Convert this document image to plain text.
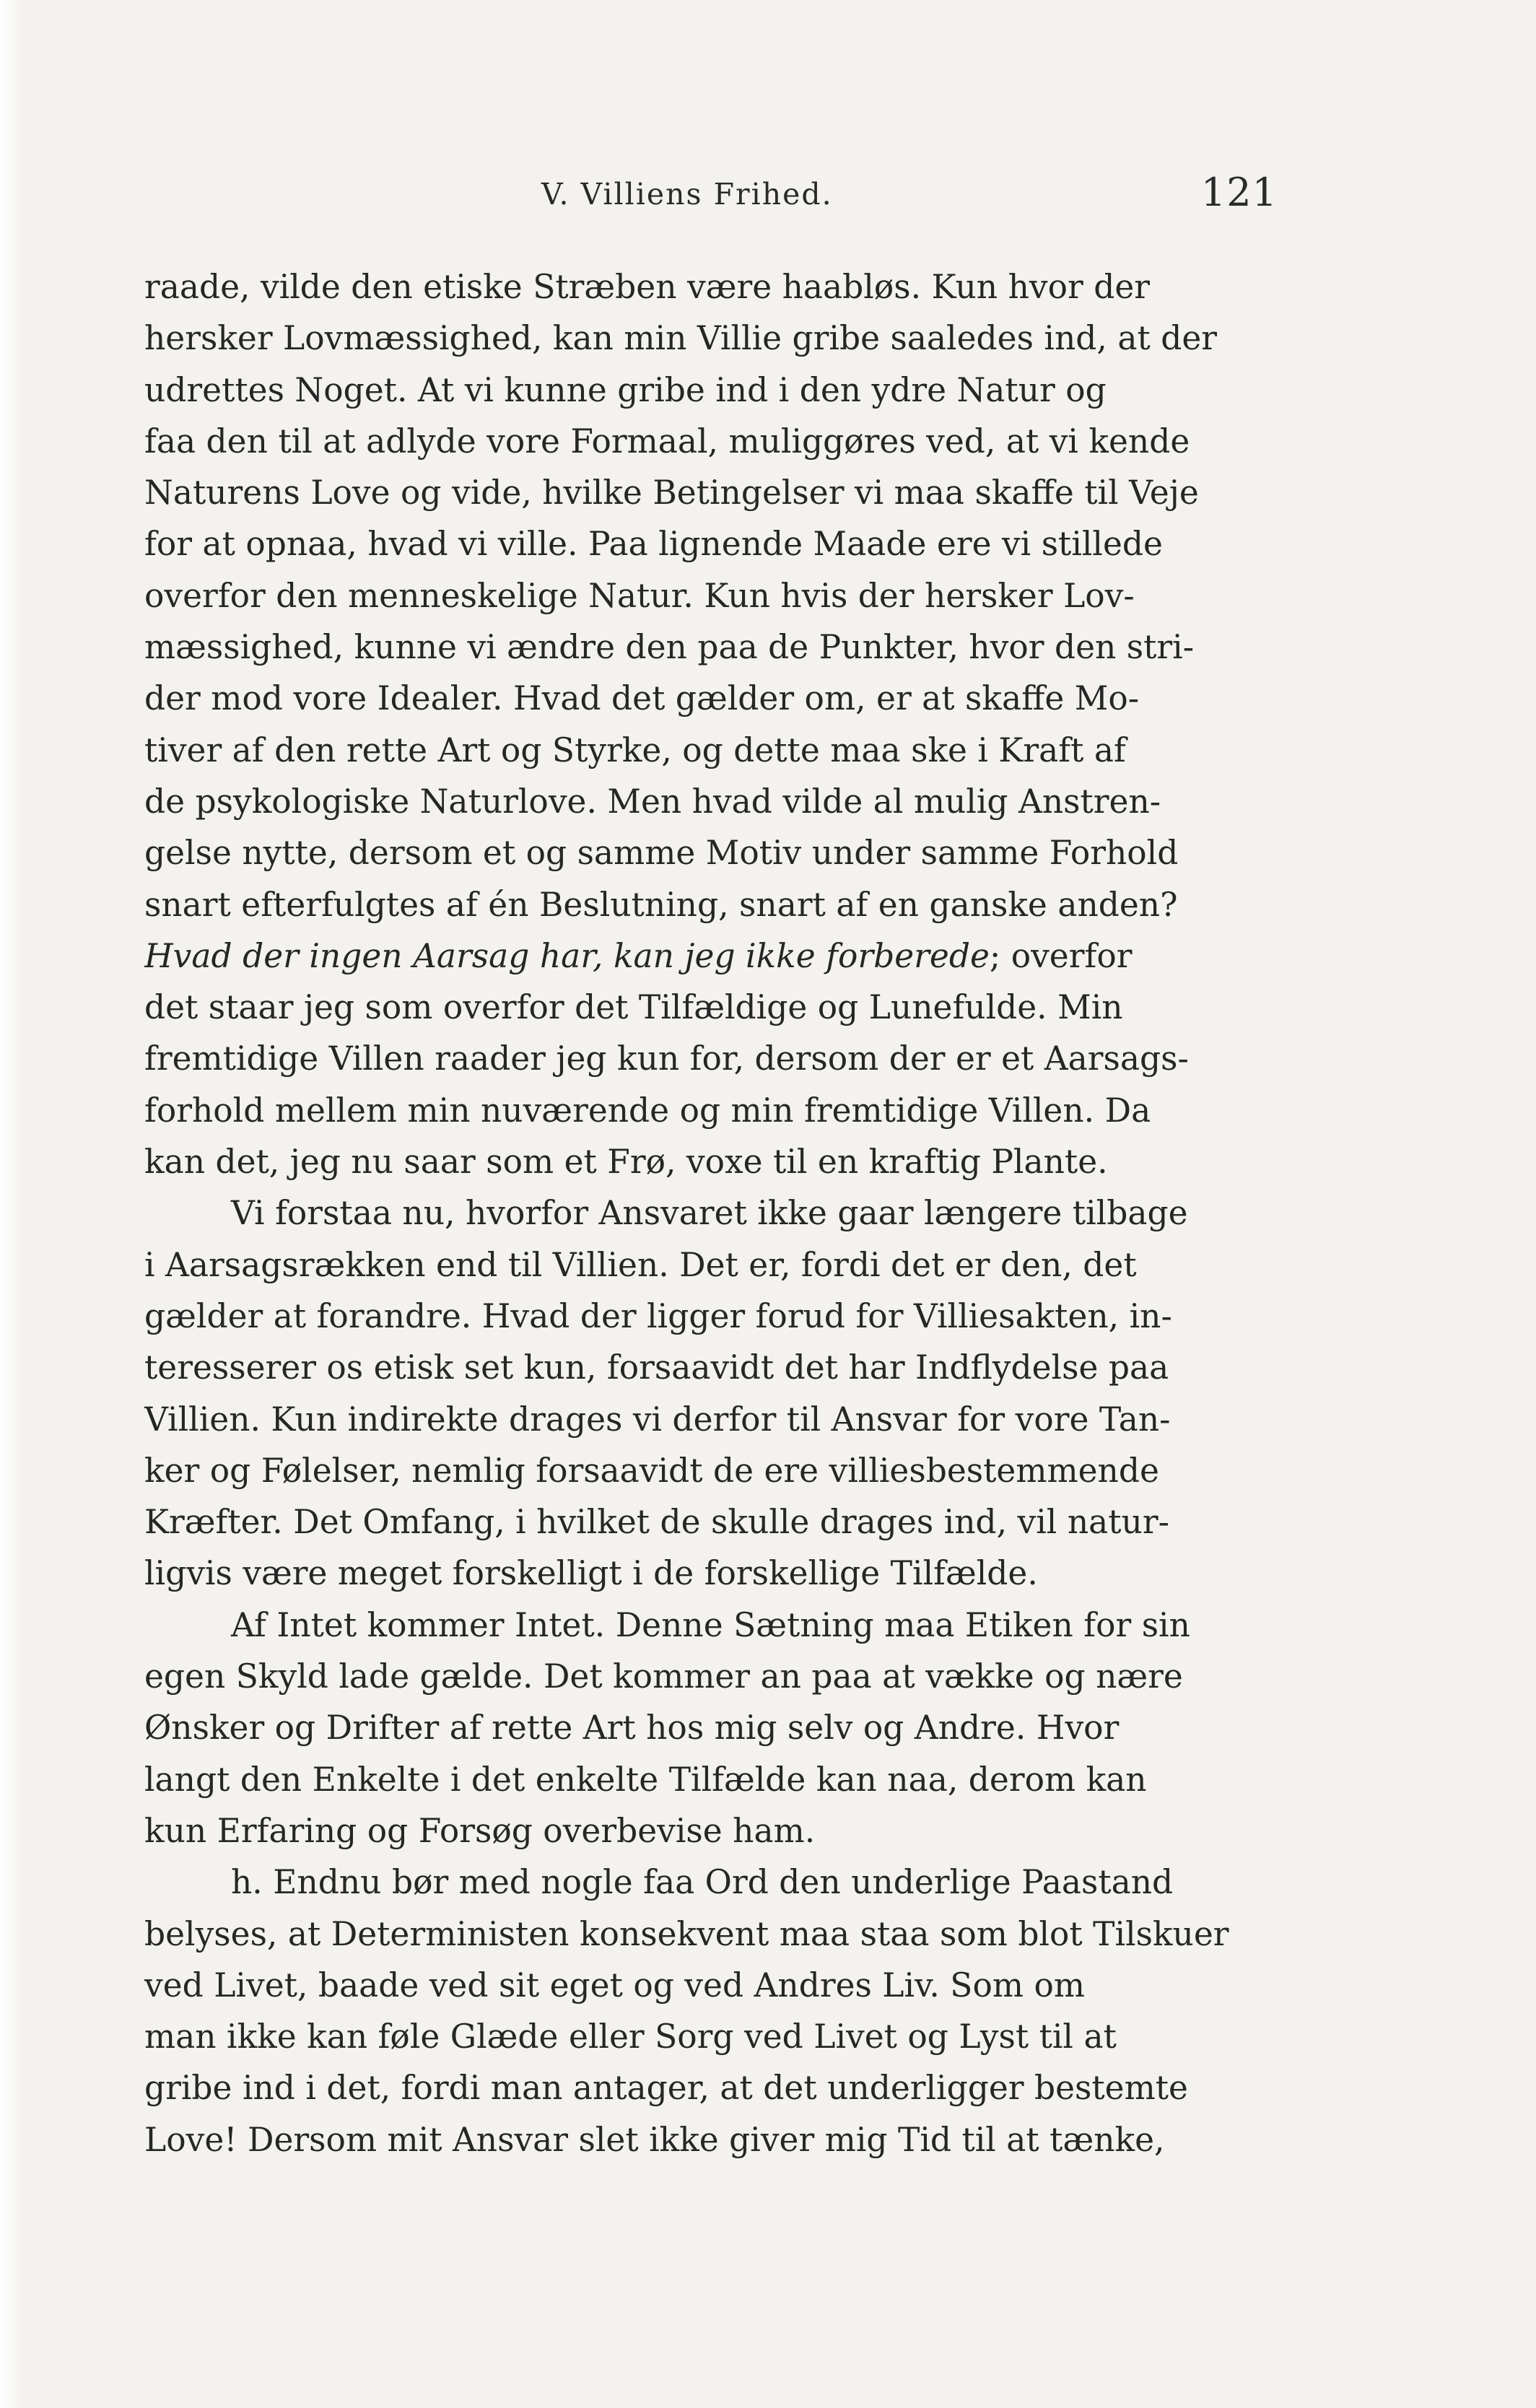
V. Villiens Frihed.	121

raade, vilde den etiske Stræben være haabløs. Kun hvor der
hersker Lovmæssighed, kan min Villie gribe saaledes ind, at der
udrettes Noget. At vi kunne gribe ind i den ydre Natur og
faa den til at adlyde vore Formaal, muliggøres ved, at vi kende
Naturens Love og vide, hvilke Betingelser vi maa skaffe til Veje
for at opnaa, hvad vi ville. Paa lignende Maade ere vi stillede
overfor den menneskelige Natur. Kun hvis der hersker Lov-
mæssighed, kunne vi ændre den paa de Punkter, hvor den stri-
der mod vore Idealer. Hvad det gælder om, er at skaffe Mo-
tiver af den rette Art og Styrke, og dette maa ske i Kraft af
de psykologiske Naturlove. Men hvad vilde al mulig Anstren-
gelse nytte, dersom et og samme Motiv under samme Forhold
snart efterfulgtes af én Beslutning, snart af en ganske anden?
Hvad der ingen Aarsag har, kan jeg ikke forberede; overfor
det staar jeg som overfor det Tilfældige og Lunefulde. Min
fremtidige Villen raader jeg kun for, dersom der er et Aarsags-
forhold mellem min nuværende og min fremtidige Villen. Da
kan det, jeg nu saar som et Frø, voxe til en kraftig Plante.

Vi forstaa nu, hvorfor Ansvaret ikke gaar længere tilbage
i Aarsagsrækken end til Villien. Det er, fordi det er den, det
gælder at forandre. Hvad der ligger forud for Villiesakten, in-
teresserer os etisk set kun, forsaavidt det har Indflydelse paa
Villien. Kun indirekte drages vi derfor til Ansvar for vore Tan-
ker og Følelser, nemlig forsaavidt de ere villiesbestemmende
Kræfter. Det Omfang, i hvilket de skulle drages ind, vil natur-
ligvis være meget forskelligt i de forskellige Tilfælde.

Af Intet kommer Intet. Denne Sætning maa Etiken for sin
egen Skyld lade gælde. Det kommer an paa at vække og nære
Ønsker og Drifter af rette Art hos mig selv og Andre. Hvor
langt den Enkelte i det enkelte Tilfælde kan naa, derom kan
kun Erfaring og Forsøg overbevise ham.

h. Endnu bør med nogle faa Ord den underlige Paastand
belyses, at Deterministen konsekvent maa staa som blot Tilskuer
ved Livet, baade ved sit eget og ved Andres Liv. Som om
man ikke kan føle Glæde eller Sorg ved Livet og Lyst til at
gribe ind i det, fordi man antager, at det underligger bestemte
Love! Dersom mit Ansvar slet ikke giver mig Tid til at tænke,
